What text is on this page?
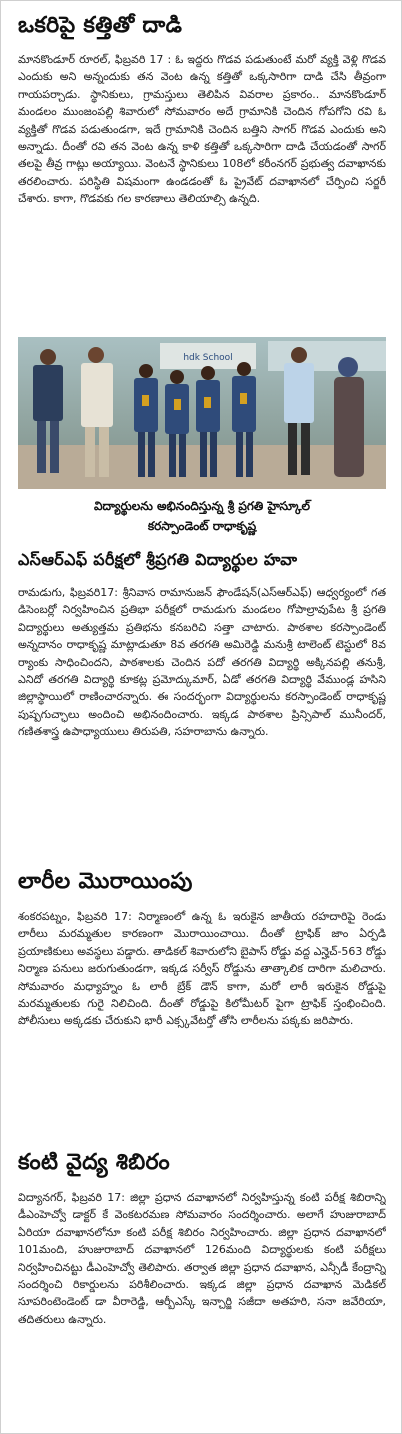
ఒకరిపై కత్తితో దాడి
మానకొండూర్ రూరల్, ఫిబ్రవరి 17 : ఓ ఇద్దరు గొడవ పడుతుంటే మరో వ్యక్తి వెళ్లి గొడవ ఎందుకు అని అన్నందుకు తన వెంట ఉన్న కత్తితో ఒక్కసారిగా దాడి చేసి తీవ్రంగా గాయపర్చాడు. స్థానికులు, గ్రామస్తులు తెలిపిన వివరాల ప్రకారం.. మానకొండూర్ మండలం ముంజంపల్లి శివారులో సోమవారం అదే గ్రామానికి చెందిన గోపగోని రవి ఓ వ్యక్తితో గొడవ పడుతుండగా, ఇదే గ్రామానికి చెందిన బత్తిని సాగర్ గొడవ ఎందుకు అని అన్నాడు. దీంతో రవి తన వెంట ఉన్న కాళి కత్తితో ఒక్కసారిగా దాడి చేయడంతో సాగర్ తలపై తీవ్ర గాట్లు అయ్యాయి. వెంటనే స్థానికులు 108లో కరీంనగర్ ప్రభుత్వ దవాఖానకు తరలించారు. పరిస్థితి విషమంగా ఉండడంతో ఓ ప్రైవేట్ దవాఖానలో చేర్పించి సర్జరీ చేశారు. కాగా, గొడవకు గల కారణాలు తెలియాల్సి ఉన్నది.
hdk School
విద్యార్థులను అభినందిస్తున్న శ్రీ ప్రగతి హైస్కూల్
కరస్పాండెంట్ రాధాకృష్ణ
ఎస్ఆర్ఎఫ్ పరీక్షలో శ్రీప్రగతి విద్యార్థుల హవా
రామడుగు, ఫిబ్రవరి17: శ్రీనివాస రామానుజన్ ఫౌండేషన్(ఎస్ఆర్ఎఫ్) ఆధ్వర్యంలో గత డిసెంబర్లో నిర్వహించిన ప్రతిభా పరీక్షలో రామడుగు మండలం గోపాల్రావుపేట శ్రీ ప్రగతి విద్యార్థులు అత్యుత్తమ ప్రతిభను కనబరిచి సత్తా చాటారు. పాఠశాల కరస్పాండెంట్ అన్నదానం రాధాకృష్ణ మాట్లాడుతూ 8వ తరగతి అమిరెడ్డి మనుశ్రీ టాలెంట్ టెస్టులో 8వ ర్యాంకు సాధించిందని, పాఠశాలకు చెందిన పదో తరగతి విద్యార్థి అక్కినపల్లి తనుశ్రీ, ఎనిదో తరగతి విద్యార్థి కూకట్ల ప్రమోద్కుమార్, ఏడో తరగతి విద్యార్థి వేముండ్ల హసిని జిల్లాస్థాయిలో రాణించారన్నారు. ఈ సందర్భంగా విద్యార్థులను కరస్పాండెంట్ రాధాకృష్ణ పుష్పగుచ్ఛాలు అందించి అభినందించారు. ఇక్కడ పాఠశాల ప్రిన్సిపాల్ మునీందర్, గణితశాస్త్ర ఉపాధ్యాయులు తిరుపతి, సహరాబాను ఉన్నారు.
లారీల మొరాయింపు
శంకరపట్నం, ఫిబ్రవరి 17: నిర్మాణంలో ఉన్న ఓ ఇరుకైన జాతీయ రహదారిపై రెండు లారీలు మరమ్మతుల కారణంగా మొరాయించాయి. దీంతో ట్రాఫిక్ జాం ఏర్పడి ప్రయాణికులు అవస్థలు పడ్డారు. తాడికల్ శివారులోని బైపాస్ రోడ్డు వద్ద ఎన్హెచ్-563 రోడ్డు నిర్మాణ పనులు జరుగుతుండగా, ఇక్కడ సర్వీస్ రోడ్డును తాత్కాలిక దారిగా మలిచారు. సోమవారం మధ్యాహ్నం ఓ లారీ బ్రేక్ డౌన్ కాగా, మరో లారీ ఇరుకైన రోడ్డుపై మరమ్మతులకు గురై నిలిచింది. దీంతో రోడ్డుపై కిలోమీటర్ పైగా ట్రాఫిక్ స్తంభించింది. పోలీసులు అక్కడకు చేరుకుని భారీ ఎక్స్కవేటర్తో తోసి లారీలను పక్కకు జరిపారు.
కంటి వైద్య శిబిరం
విద్యానగర్, ఫిబ్రవరి 17: జిల్లా ప్రధాన దవాఖానలో నిర్వహిస్తున్న కంటి పరీక్ష శిబిరాన్ని డీఎంహెచ్వో డాక్టర్ కే వెంకటరమణ సోమవారం సందర్శించారు. అలాగే హుజురాబాద్ ఏరియా దవాఖానలోనూ కంటి పరీక్ష శిబిరం నిర్వహించారు. జిల్లా ప్రధాన దవాఖానలో 101మంది, హుజురాబాద్ దవాఖానలో 126మంది విద్యార్థులకు కంటి పరీక్షలు నిర్వహించినట్టు డీఎంహెచ్వో తెలిపారు. తర్వాత జిల్లా ప్రధాన దవాఖాన, ఎన్సీడీ కేంద్రాన్ని సందర్శించి రికార్డులను పరిశీలించారు. ఇక్కడ జిల్లా ప్రధాన దవాఖాన మెడికల్ సూపరింటెండెంట్ డా వీరారెడ్డి, ఆర్బీఎస్కే ఇన్చార్జి సజీదా అతహరి, సనా జవేరియా, తదితరులు ఉన్నారు.
